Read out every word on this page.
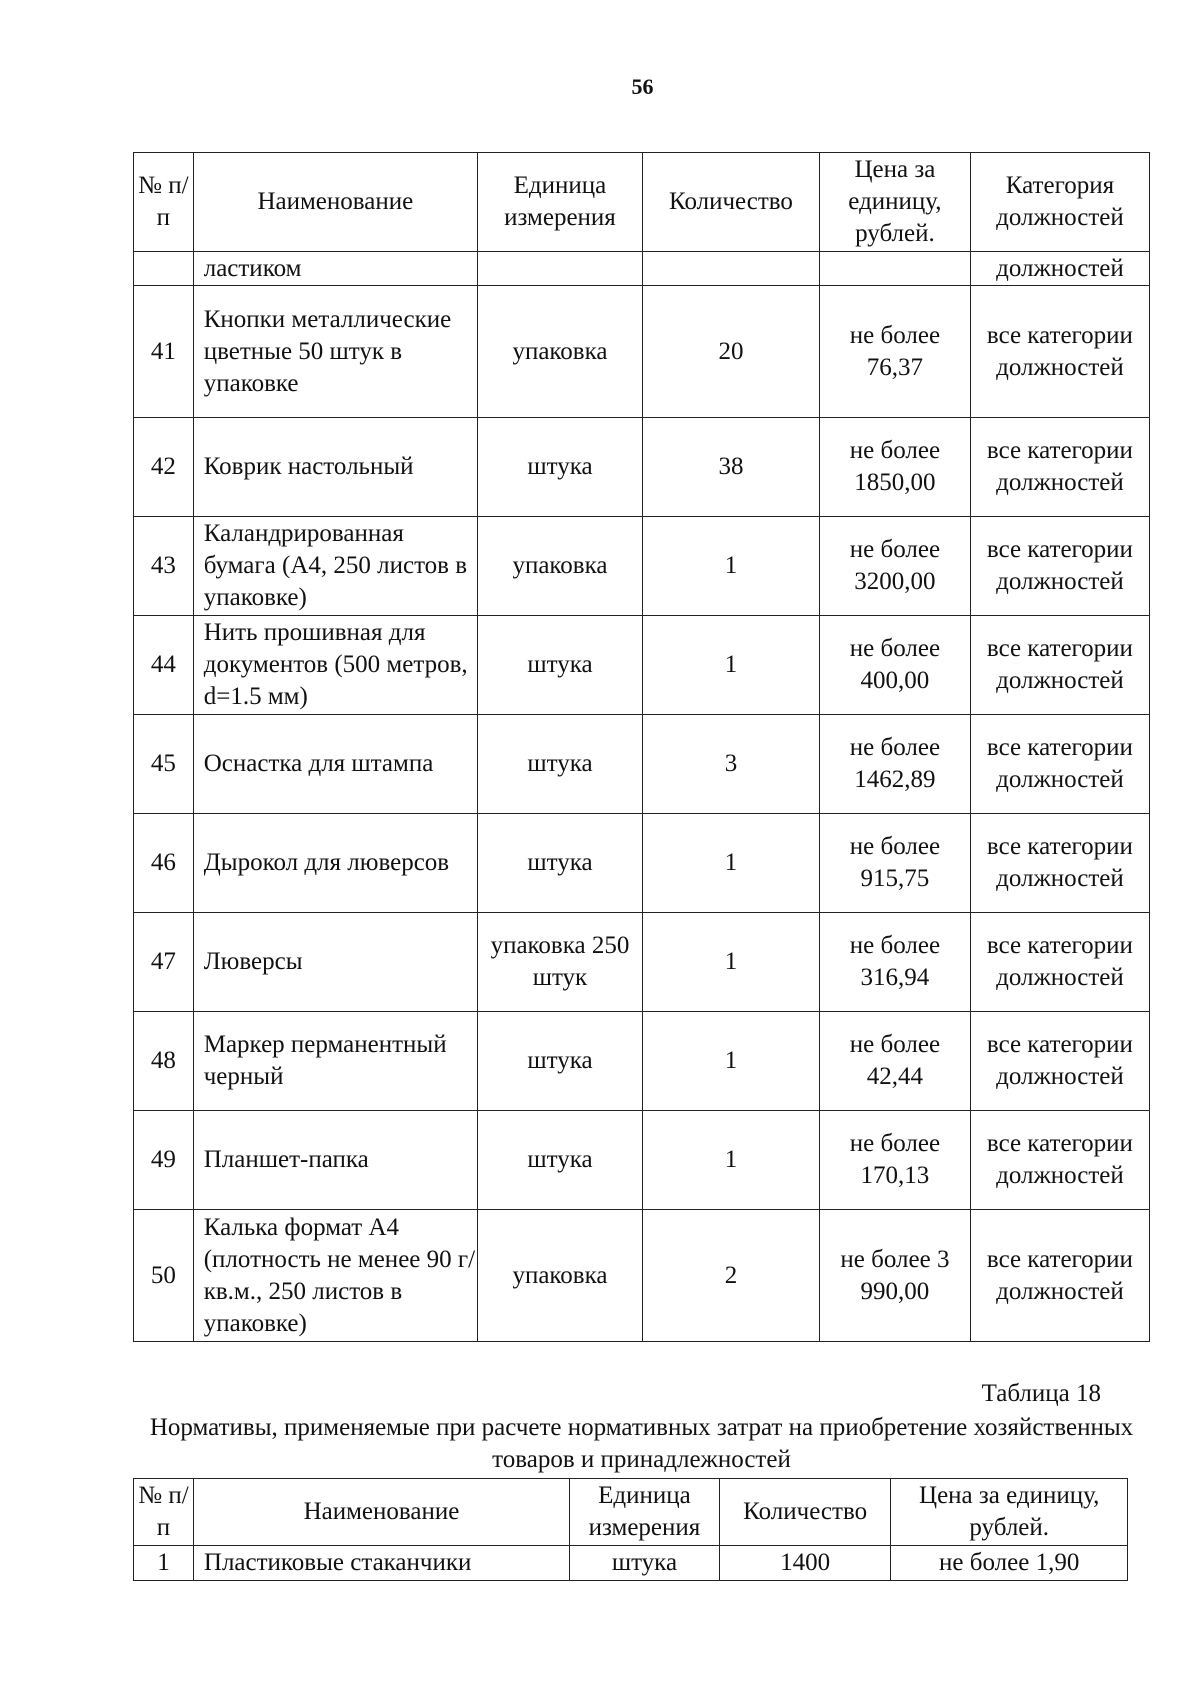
56
№ п/п	Наименование	Единица измерения	Количество	Цена за единицу, рублей.	Категория должностей
	ластиком				должностей
41	Кнопки металлические цветные 50 штук в упаковке	упаковка	20	не более 76,37	все категории должностей
42	Коврик настольный	штука	38	не более 1850,00	все категории должностей
43	Каландрированная бумага (А4, 250 листов в упаковке)	упаковка	1	не более 3200,00	все категории должностей
44	Нить прошивная для документов (500 метров, d=1.5 мм)	штука	1	не более 400,00	все категории должностей
45	Оснастка для штампа	штука	3	не более 1462,89	все категории должностей
46	Дырокол для люверсов	штука	1	не более 915,75	все категории должностей
47	Люверсы	упаковка 250 штук	1	не более 316,94	все категории должностей
48	Маркер перманентный черный	штука	1	не более 42,44	все категории должностей
49	Планшет-папка	штука	1	не более 170,13	все категории должностей
50	Калька формат А4 (плотность не менее 90 г/кв.м., 250 листов в упаковке)	упаковка	2	не более 3 990,00	все категории должностей
Таблица 18
Нормативы, применяемые при расчете нормативных затрат на приобретение хозяйственных товаров и принадлежностей
№ п/п	Наименование	Единица измерения	Количество	Цена за единицу, рублей.
1	Пластиковые стаканчики	штука	1400	не более 1,90
